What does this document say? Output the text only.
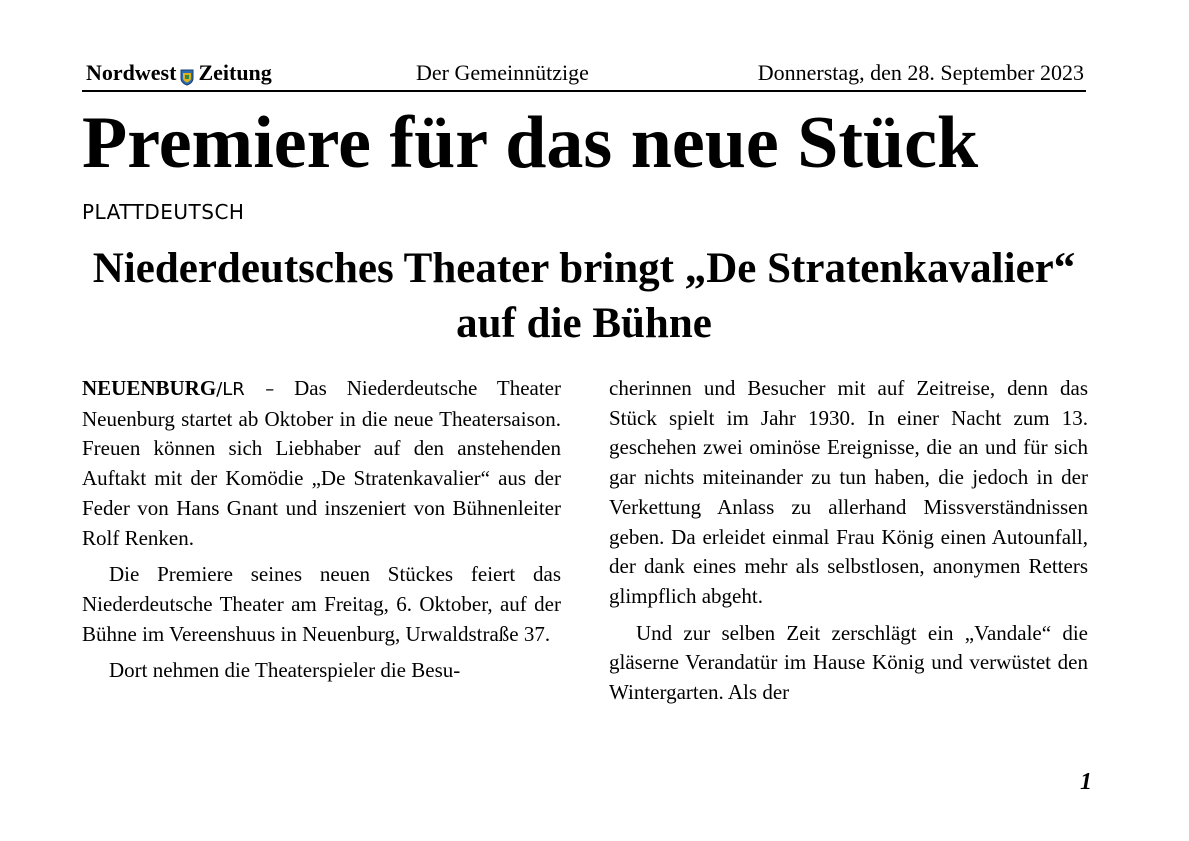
Nordwest Zeitung	Der Gemeinnützige	Donnerstag, den 28. September 2023
Premiere für das neue Stück
PLATTDEUTSCH
Niederdeutsches Theater bringt „De Stratenkavalier“ auf die Bühne

NEUENBURG/LR – Das Niederdeutsche Theater Neuenburg startet ab Oktober in die neue Theatersaison. Freuen können sich Liebhaber auf den anstehenden Auftakt mit der Komödie „De Stratenkavalier“ aus der Feder von Hans Gnant und inszeniert von Bühnenleiter Rolf Renken.

Die Premiere seines neuen Stückes feiert das Niederdeutsche Theater am Freitag, 6. Oktober, auf der Bühne im Vereenshuus in Neuenburg, Urwaldstraße 37.

Dort nehmen die Theaterspieler die Besu-

cherinnen und Besucher mit auf Zeitreise, denn das Stück spielt im Jahr 1930. In einer Nacht zum 13. geschehen zwei ominöse Ereignisse, die an und für sich gar nichts miteinander zu tun haben, die jedoch in der Verkettung Anlass zu allerhand Missverständnissen geben. Da erleidet einmal Frau König einen Autounfall, der dank eines mehr als selbstlosen, anonymen Retters glimpflich abgeht.

Und zur selben Zeit zerschlägt ein „Vandale“ die gläserne Verandatür im Hause König und verwüstet den Wintergarten. Als der

1
